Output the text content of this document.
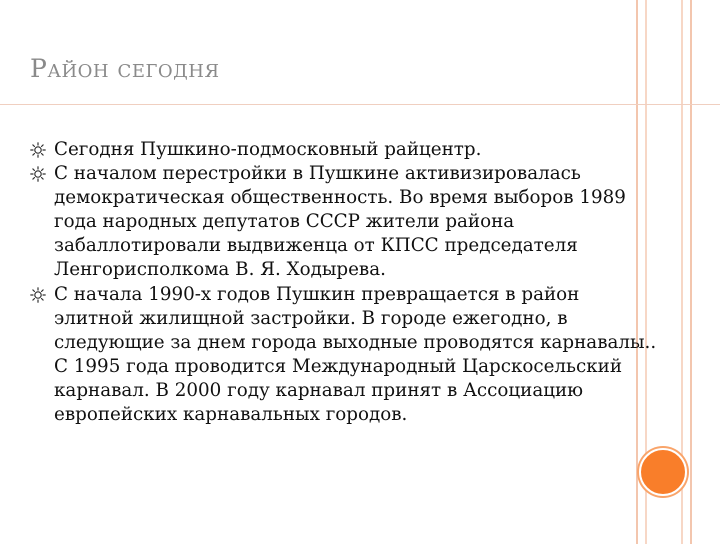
Район сегодня
Сегодня Пушкино-подмосковный райцентр.
С началом перестройки в Пушкине активизировалась
демократическая общественность. Во время выборов 1989
года народных депутатов СССР жители района
забаллотировали выдвиженца от КПСС председателя
Ленгорисполкома В. Я. Ходырева.
С начала 1990-х годов Пушкин превращается в район
элитной жилищной застройки. В городе ежегодно, в
следующие за днем города выходные проводятся карнавалы..
С 1995 года проводится Международный Царскосельский
карнавал. В 2000 году карнавал принят в Ассоциацию
европейских карнавальных городов.
